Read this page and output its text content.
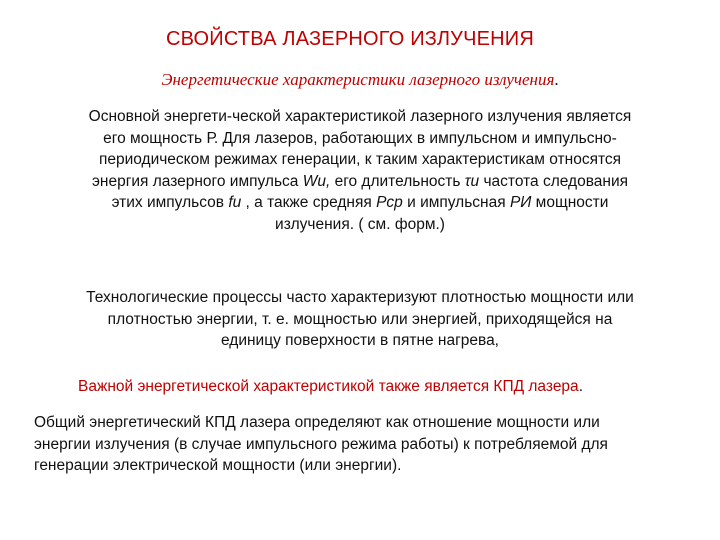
СВОЙСТВА ЛАЗЕРНОГО ИЗЛУЧЕНИЯ
Энергетические характеристики лазерного излучения.

Основной энергети-ческой характеристикой лазерного излучения является
его мощность Р. Для лазеров, работающих в импульсном и импульсно-
периодическом режимах генерации, к таким характеристикам относятся
энергия лазерного импульса Wu, его длительность τu частота следования
этих импульсов fu , а также средняя Pср и импульсная PИ мощности
излучения. ( см. форм.)

Технологические процессы часто характеризуют плотностью мощности или
плотностью энергии, т. е. мощностью или энергией, приходящейся на
единицу поверхности в пятне нагрева,

Важной энергетической характеристикой также является КПД лазера.

Общий энергетический КПД лазера определяют как отношение мощности или
энергии излучения (в случае импульсного режима работы) к потребляемой для
генерации электрической мощности (или энергии).
